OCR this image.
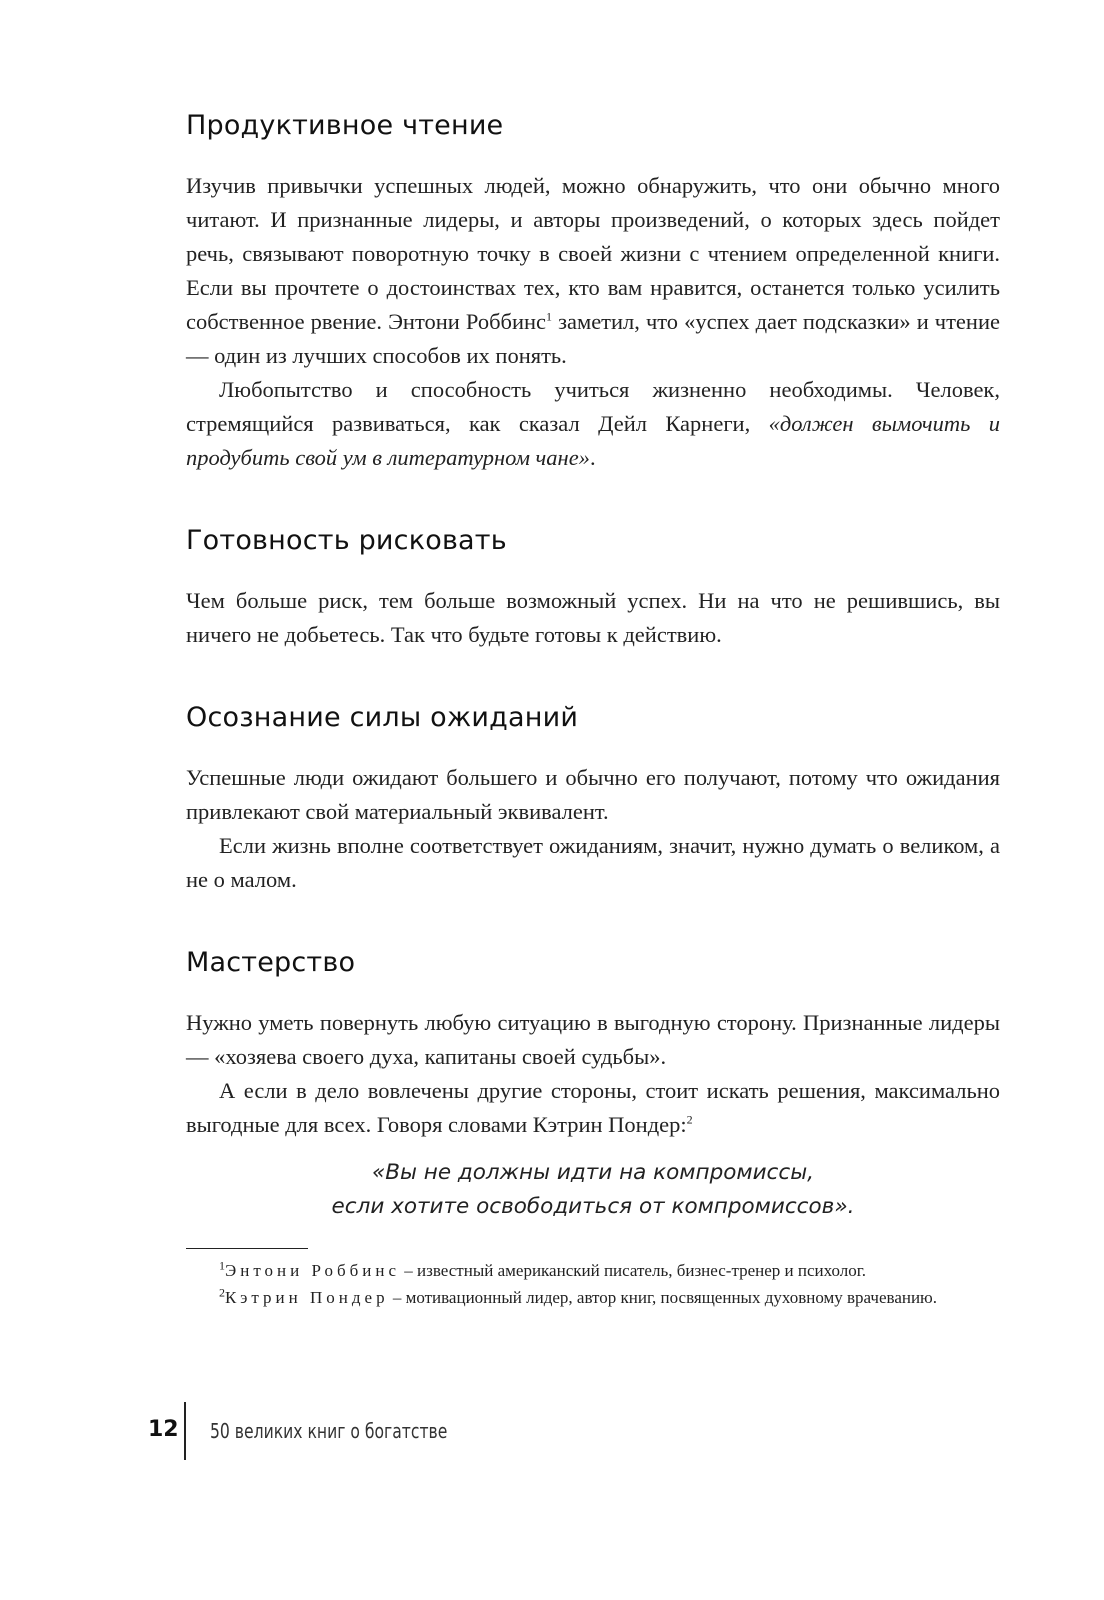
Продуктивное чтение

Изучив привычки успешных людей, можно обнаружить, что они обычно много читают. И признанные лидеры, и авторы произведений, о которых здесь пойдет речь, связывают поворотную точку в своей жизни с чтением определенной книги. Если вы прочтете о достоинствах тех, кто вам нравится, останется только усилить собственное рвение. Энтони Роббинс$^1$ заметил, что «успех дает подсказки» и чтение — один из лучших способов их понять.

Любопытство и способность учиться жизненно необходимы. Человек, стремящийся развиваться, как сказал Дейл Карнеги, «должен вымочить и продубить свой ум в литературном чане».

Готовность рисковать

Чем больше риск, тем больше возможный успех. Ни на что не решившись, вы ничего не добьетесь. Так что будьте готовы к действию.

Осознание силы ожиданий

Успешные люди ожидают большего и обычно его получают, потому что ожидания привлекают свой материальный эквивалент.

Если жизнь вполне соответствует ожиданиям, значит, нужно думать о великом, а не о малом.

Мастерство

Нужно уметь повернуть любую ситуацию в выгодную сторону. Признанные лидеры — «хозяева своего духа, капитаны своей судьбы».

А если в дело вовлечены другие стороны, стоит искать решения, максимально выгодные для всех. Говоря словами Кэтрин Пондер:$^2$

«Вы не должны идти на компромиссы,
если хотите освободиться от компромиссов».

$^1$Энтони Роббинс – известный американский писатель, бизнес-тренер и психолог.

$^2$Кэтрин Пондер – мотивационный лидер, автор книг, посвященных духовному врачеванию.

12 50 великих книг о богатстве
